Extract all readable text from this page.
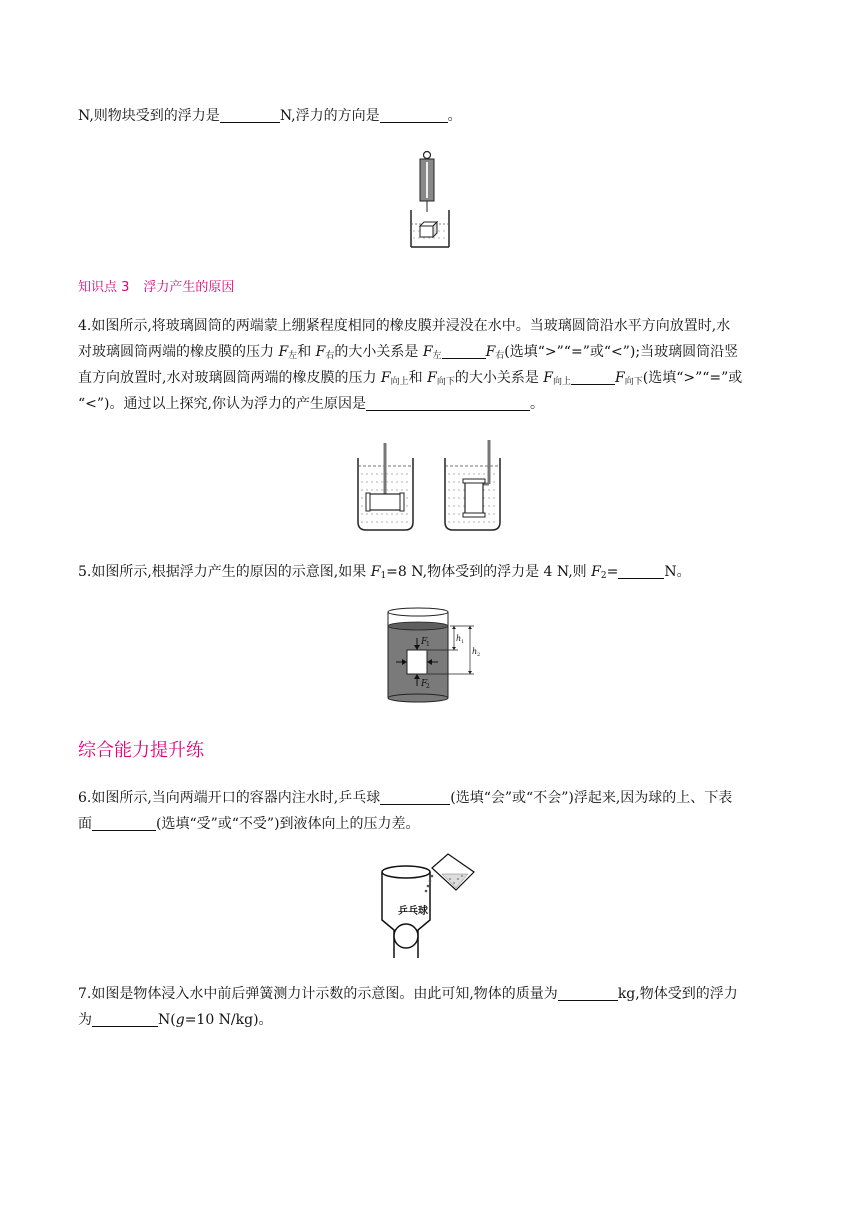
N,则物块受到的浮力是	N,浮力的方向是	。
知识点 3 浮力产生的原因
4.如图所示,将玻璃圆筒的两端蒙上绷紧程度相同的橡皮膜并浸没在水中。当玻璃圆筒沿水平方向放置时,水
对玻璃圆筒两端的橡皮膜的压力 $F_左$和 $F_右$的大小关系是 $F_左$	$F_右$(选填“>”“=”或“<”);当玻璃圆筒沿竖
直方向放置时,水对玻璃圆筒两端的橡皮膜的压力 $F_{向上}$和 $F_{向下}$的大小关系是 $F_{向上}$	$F_{向下}$(选填“>”“=”或
“<”)。通过以上探究,你认为浮力的产生原因是	。
5.如图所示,根据浮力产生的原因的示意图,如果 $F_1=8$ N,物体受到的浮力是 4 N,则 $F_2=$	N。
F
1
F
2
h 1
h 2
综合能力提升练
6.如图所示,当向两端开口的容器内注水时,乒乓球	(选填“会”或“不会”)浮起来,因为球的上、下表
面	(选填“受”或“不受”)到液体向上的压力差。
乒乓球
7.如图是物体浸入水中前后弹簧测力计示数的示意图。由此可知,物体的质量为	kg,物体受到的浮力
为	N(g=10 N/kg)。
